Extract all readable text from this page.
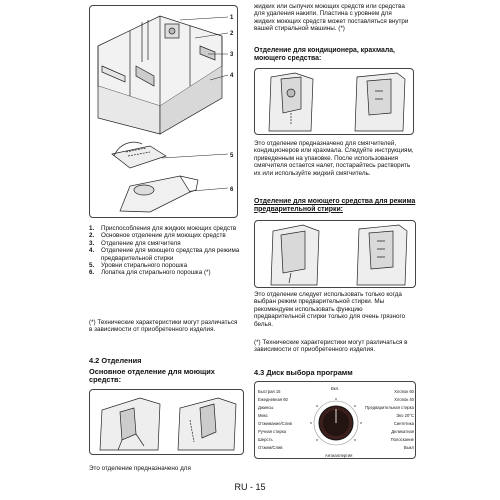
1
2
3
4
5
6
1.	Приспособления для жидких моющих средств
2.	Основное отделение для моющих средств
3.	Отделение для смягчителя
4.	Отделение для моющего средства для режима предварительной стирки
5.	Уровни стирального порошка
6.	Лопатка для стирального порошка (*)

(*) Технические характеристики могут различаться в зависимости от приобретенного изделия.

4.2 Отделения

Основное отделение для моющих средств:

Это отделение предназначено для

жидких или сыпучих моющих средств или средства для удаления накипи. Пластина с уровнем для жидких моющих средств может поставляться внутри вашей стиральной машины. (*)

Отделение для кондиционера, крахмала, моющего средства:

Это отделение предназначено для смягчителей, кондиционеров или крахмала. Следуйте инструкциям, приведенным на упаковке. После использования смягчителя остается налет, постарайтесь растворить их или используйте жидкий смягчитель.

Отделение для моющего средства для режима предварительной стирки:

Это отделение следует использовать только когда выбран режим предварительной стирки. Мы рекомендуем использовать функцию предварительной стирки только для очень грязного белья.

(*) Технические характеристики могут различаться в зависимости от приобретенного изделия.

4.3 Диск выбора программ

Вкл.
Антиаллергия
Быстрая 15
Ежедневная 60
Джинсы
Микс
Отжимание/Слив
Ручная стирка
Шерсть
Отжим/Слив
Хлопок 60
Хлопок 40
Предварительная стирка
Эко 20°C
Синтетика
Деликатная
Полоскание
Выкл

RU - 15
